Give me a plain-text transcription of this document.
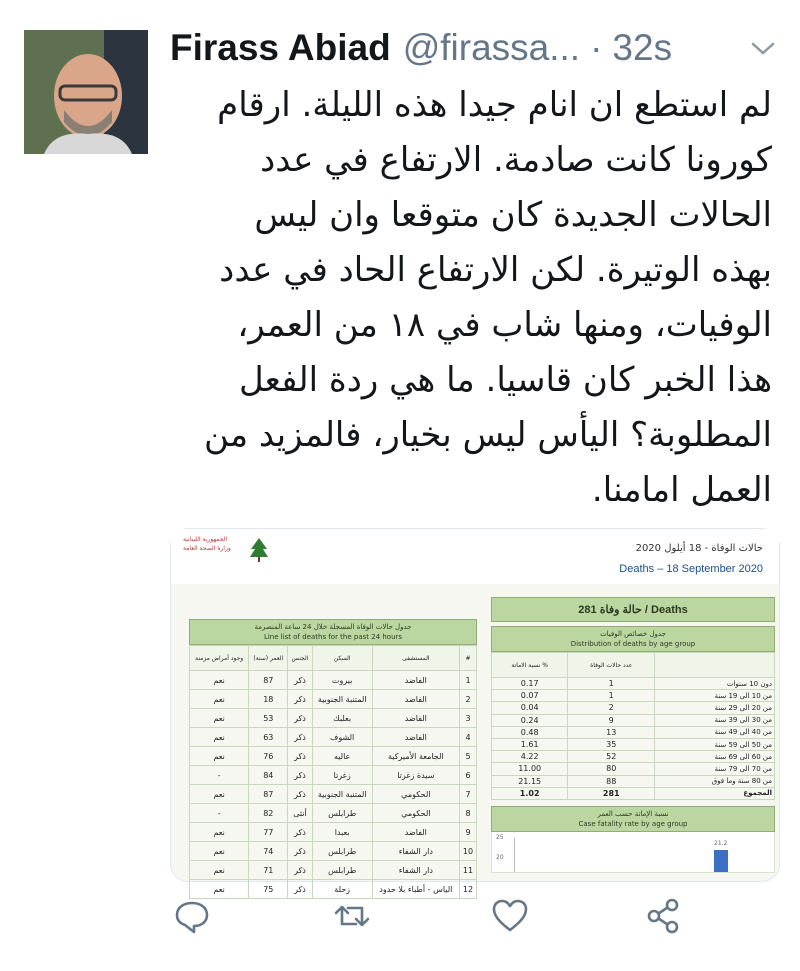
Firass Abiad @firassa... · 32s
لم استطع ان انام جيدا هذه الليلة. ارقام
كورونا كانت صادمة. الارتفاع في عدد
الحالات الجديدة كان متوقعا وان ليس
بهذه الوتيرة. لكن الارتفاع الحاد في عدد
الوفيات، ومنها شاب في ١٨ من العمر،
هذا الخبر كان قاسيا. ما هي ردة الفعل
المطلوبة؟ اليأس ليس بخيار، فالمزيد من
العمل امامنا.
الجمهورية اللبنانية
وزارة الصحة العامة	حالات الوفاة - 18 أيلول 2020
Deaths – 18 September 2020
جدول حالات الوفاة المسجلة خلال 24 ساعة المنصرمة
Line list of deaths for the past 24 hours
وجود أمراض مزمنة	العمر (سنة)	الجنس	السكن	المستشفى	#
نعم	87	ذكر	بيروت	الفاضد	1
نعم	18	ذكر	المتنبة الجنوبية	الفاضد	2
نعم	53	ذكر	بعلبك	الفاضد	3
نعم	63	ذكر	الشوف	الفاضد	4
نعم	76	ذكر	عاليه	الجامعة الأميركية	5
-	84	ذكر	زغرتا	سيدة زغرتا	6
نعم	87	ذكر	المتنبة الجنوبية	الحكومي	7
-	82	أنثى	طرابلس	الحكومي	8
نعم	77	ذكر	بعبدا	الفاضد	9
نعم	74	ذكر	طرابلس	دار الشفاء	10
نعم	71	ذكر	طرابلس	دار الشفاء	11
نعم	75	ذكر	زحلة	الياس - أطباء بلا حدود	12
281 حالة وفاة / Deaths
جدول خصائص الوفيات
Distribution of deaths by age group
نسبة الاماتة %	عدد حالات الوفاة	
0.17	1	دون 10 سنوات
0.07	1	من 10 الى 19 سنة
0.04	2	من 20 الى 29 سنة
0.24	9	من 30 الى 39 سنة
0.48	13	من 40 الى 49 سنة
1.61	35	من 50 الى 59 سنة
4.22	52	من 60 الى 69 سنة
11.00	80	من 70 الى 79 سنة
21.15	88	من 80 سنة وما فوق
1.02	281	المجموع
نسبة الإماتة حسب العمر
Case fatality rate by age group
25
20
21.2
